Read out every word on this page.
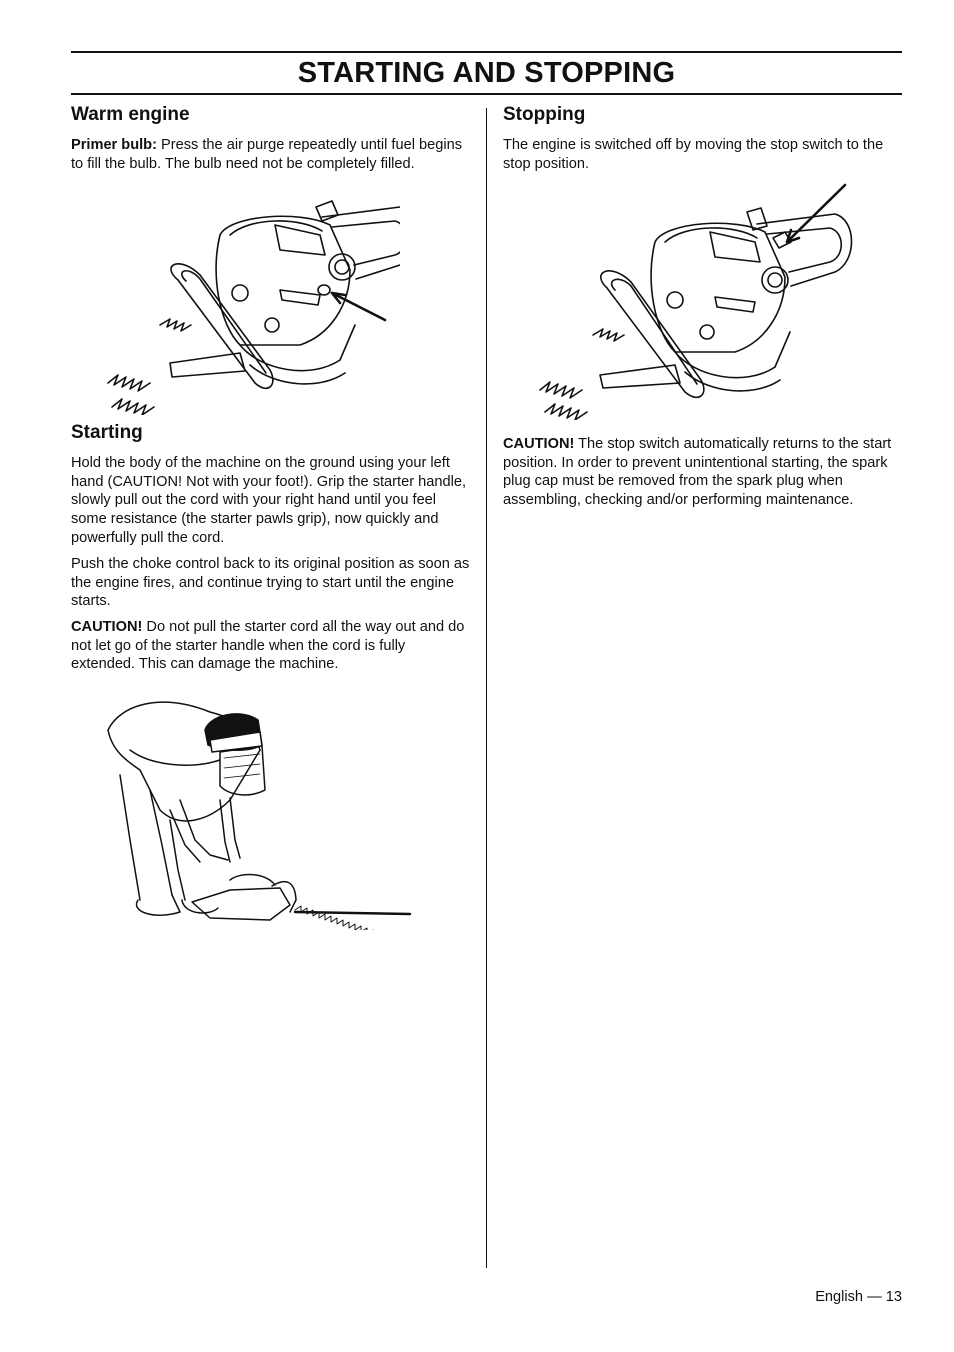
STARTING AND STOPPING
Warm engine

Primer bulb: Press the air purge repeatedly until fuel begins to fill the bulb. The bulb need not be completely filled.

Starting

Hold the body of the machine on the ground using your left hand (CAUTION! Not with your foot!). Grip the starter handle, slowly pull out the cord with your right hand until you feel some resistance (the starter pawls grip), now quickly and powerfully pull the cord.

Push the choke control back to its original position as soon as the engine fires, and continue trying to start until the engine starts.

CAUTION! Do not pull the starter cord all the way out and do not let go of the starter handle when the cord is fully extended. This can damage the machine.

Stopping

The engine is switched off by moving the stop switch to the stop position.

CAUTION! The stop switch automatically returns to the start position. In order to prevent unintentional starting, the spark plug cap must be removed from the spark plug when assembling, checking and/or performing maintenance.

English — 13
